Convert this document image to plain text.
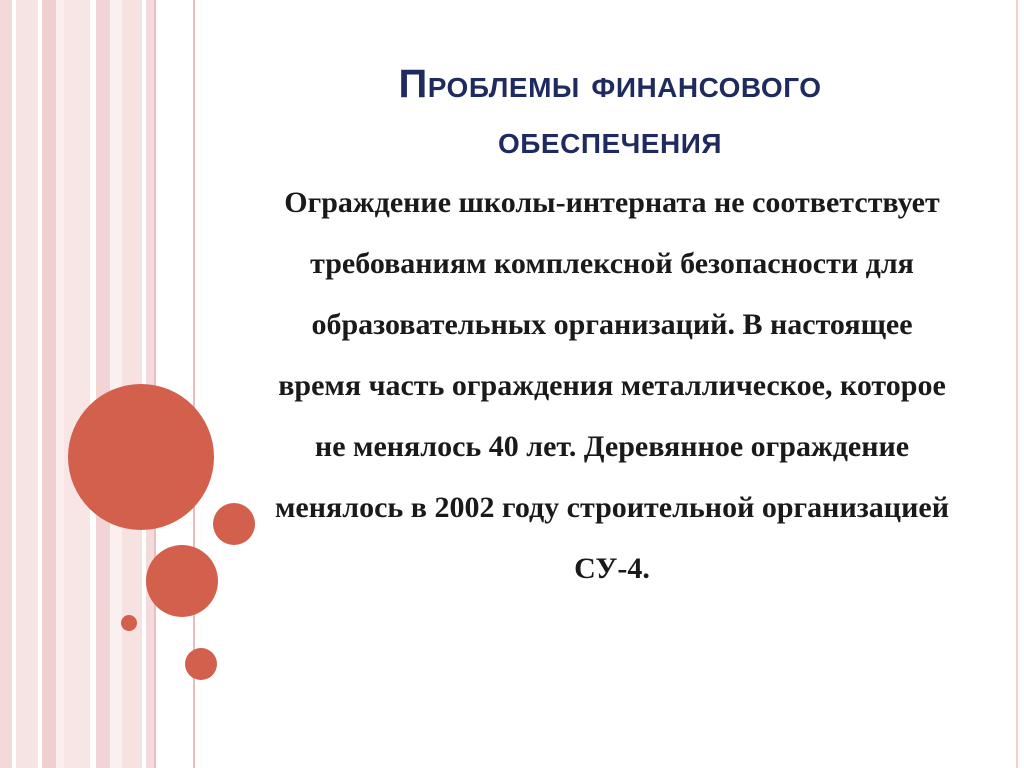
Проблемы финансового обеспечения

Ограждение школы-интерната не соответствует требованиям комплексной безопасности для образовательных организаций. В настоящее время часть ограждения металлическое, которое не менялось 40 лет. Деревянное ограждение менялось в 2002 году строительной организацией СУ-4.
